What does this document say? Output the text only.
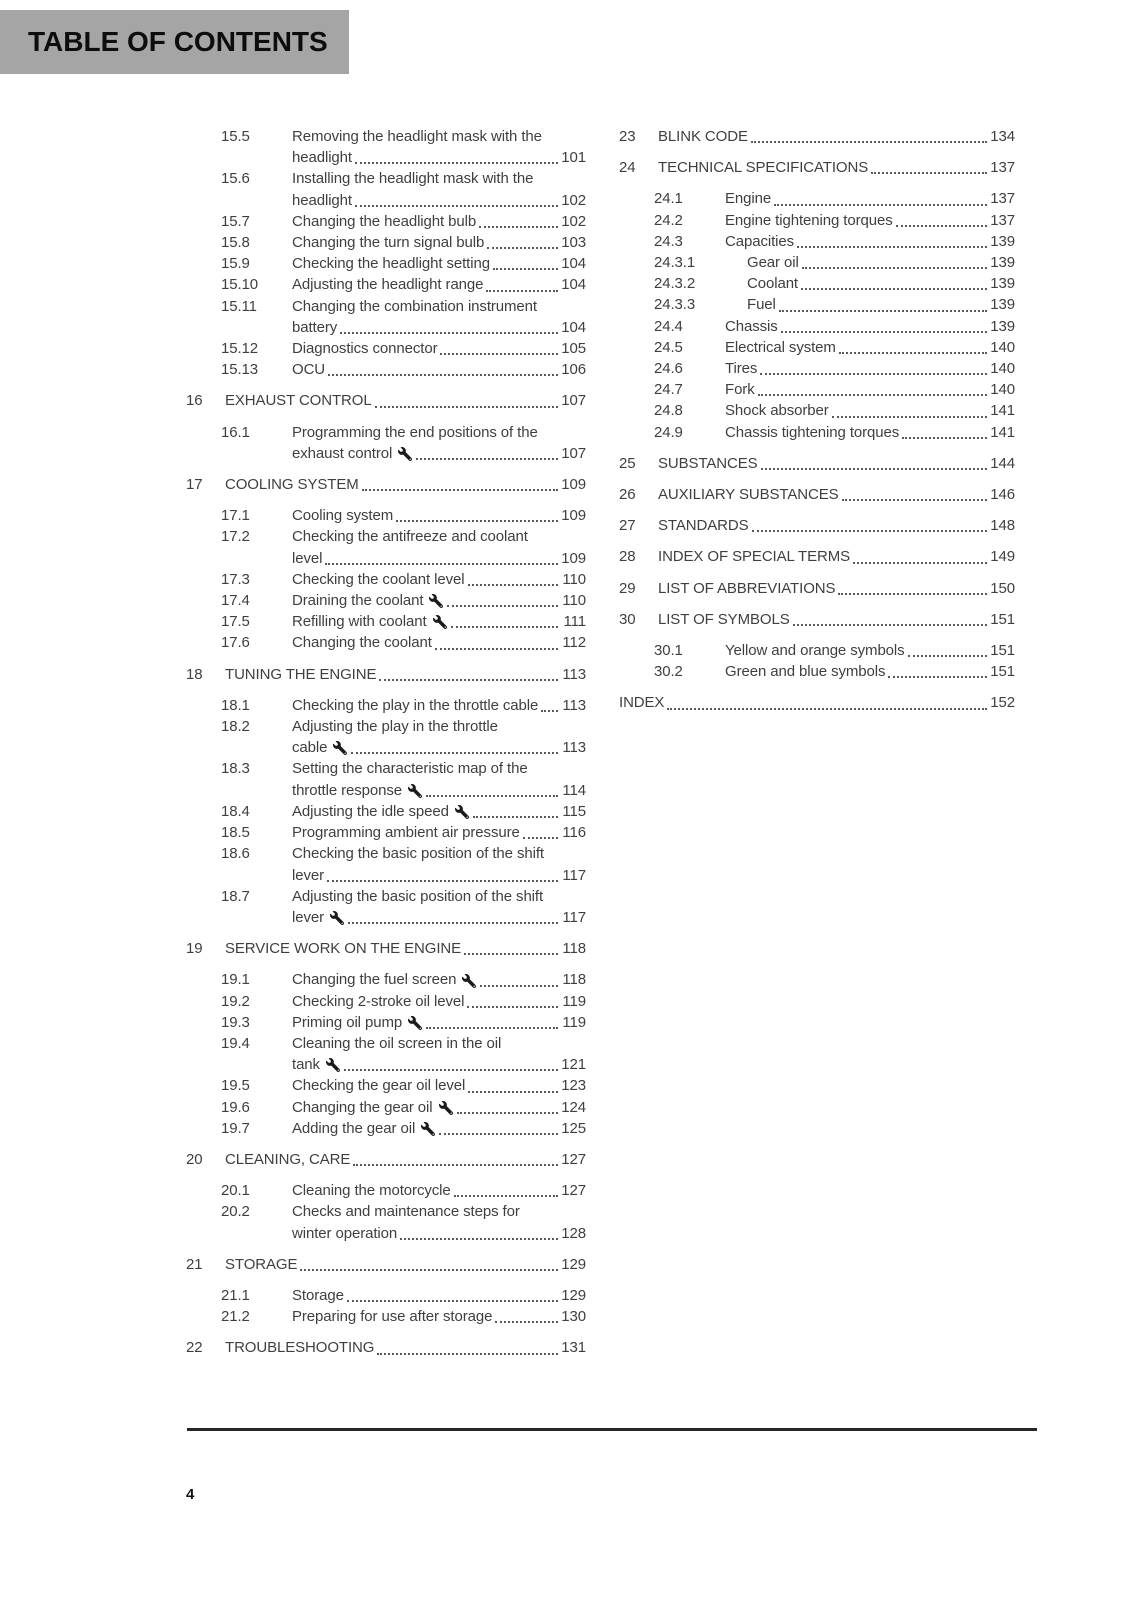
TABLE OF CONTENTS
15.5	Removing the headlight mask with the
headlight	101
15.6	Installing the headlight mask with the
headlight	102
15.7	Changing the headlight bulb	102
15.8	Changing the turn signal bulb	103
15.9	Checking the headlight setting	104
15.10	Adjusting the headlight range	104
15.11	Changing the combination instrument
battery	104
15.12	Diagnostics connector	105
15.13	OCU	106
16	EXHAUST CONTROL	107
16.1	Programming the end positions of the
exhaust control	107
17	COOLING SYSTEM	109
17.1	Cooling system	109
17.2	Checking the antifreeze and coolant
level	109
17.3	Checking the coolant level	110
17.4	Draining the coolant	110
17.5	Refilling with coolant	111
17.6	Changing the coolant	112
18	TUNING THE ENGINE	113
18.1	Checking the play in the throttle cable 113
18.2	Adjusting the play in the throttle
cable	113
18.3	Setting the characteristic map of the
throttle response	114
18.4	Adjusting the idle speed	115
18.5	Programming ambient air pressure	116
18.6	Checking the basic position of the shift
lever	117
18.7	Adjusting the basic position of the shift
lever	117
19	SERVICE WORK ON THE ENGINE	118
19.1	Changing the fuel screen	118
19.2	Checking 2-stroke oil level	119
19.3	Priming oil pump	119
19.4	Cleaning the oil screen in the oil
tank	121
19.5	Checking the gear oil level	123
19.6	Changing the gear oil	124
19.7	Adding the gear oil	125
20	CLEANING, CARE	127
20.1	Cleaning the motorcycle	127
20.2	Checks and maintenance steps for
winter operation	128
21	STORAGE	129
21.1	Storage	129
21.2	Preparing for use after storage	130
22	TROUBLESHOOTING	131
23	BLINK CODE	134
24	TECHNICAL SPECIFICATIONS	137
24.1	Engine	137
24.2	Engine tightening torques	137
24.3	Capacities	139
24.3.1	Gear oil	139
24.3.2	Coolant	139
24.3.3	Fuel	139
24.4	Chassis	139
24.5	Electrical system	140
24.6	Tires	140
24.7	Fork	140
24.8	Shock absorber	141
24.9	Chassis tightening torques	141
25	SUBSTANCES	144
26	AUXILIARY SUBSTANCES	146
27	STANDARDS	148
28	INDEX OF SPECIAL TERMS	149
29	LIST OF ABBREVIATIONS	150
30	LIST OF SYMBOLS	151
30.1	Yellow and orange symbols	151
30.2	Green and blue symbols	151
INDEX	152
4
